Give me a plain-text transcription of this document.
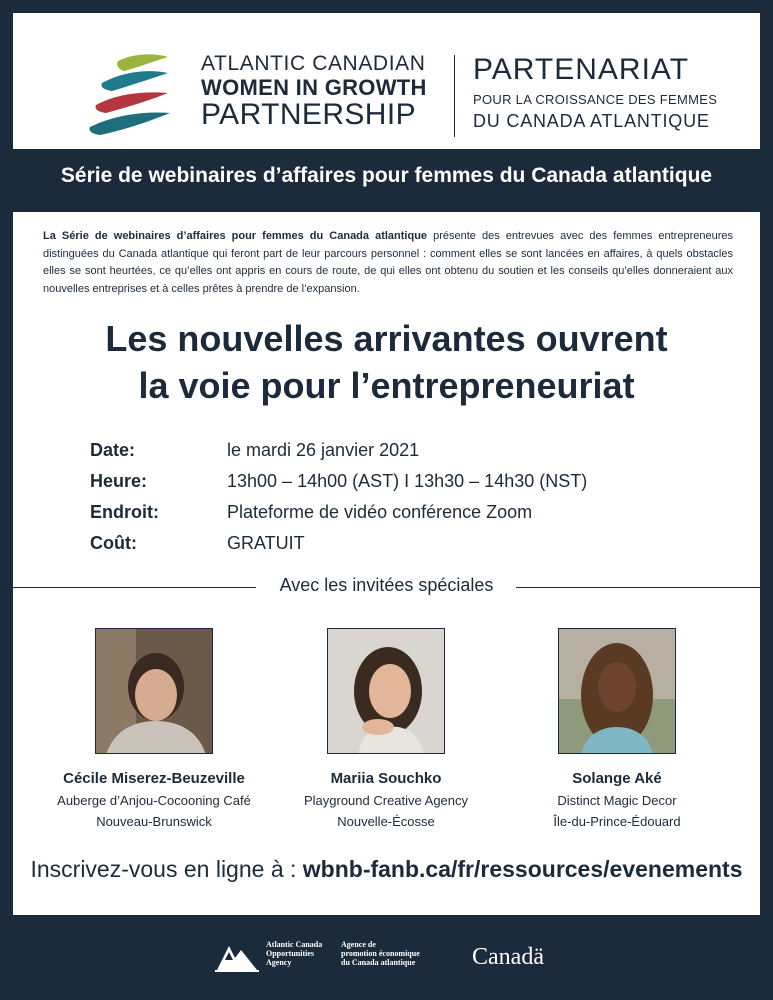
ATLANTIC CANADIAN
WOMEN IN GROWTH
PARTNERSHIP
PARTENARIAT
POUR LA CROISSANCE DES FEMMES
DU CANADA ATLANTIQUE
Série de webinaires d’affaires pour femmes du Canada atlantique

La Série de webinaires d’affaires pour femmes du Canada atlantique présente des entrevues avec des femmes entrepreneures distinguées du Canada atlantique qui feront part de leur parcours personnel : comment elles se sont lancées en affaires, à quels obstacles elles se sont heurtées, ce qu’elles ont appris en cours de route, de qui elles ont obtenu du soutien et les conseils qu’elles donneraient aux nouvelles entreprises et à celles prêtes à prendre de l’expansion.

Les nouvelles arrivantes ouvrent
la voie pour l’entrepreneuriat
Date:	le mardi 26 janvier 2021
Heure:	13h00 – 14h00 (AST) I 13h30 – 14h30 (NST)
Endroit:	Plateforme de vidéo conférence Zoom
Coût:	GRATUIT
Avec les invitées spéciales
Cécile Miserez-Beuzeville
Auberge d’Anjou-Cocooning Café
Nouveau-Brunswick
Mariia Souchko
Playground Creative Agency
Nouvelle-Écosse
Solange Aké
Distinct Magic Decor
Île-du-Prince-Édouard
Inscrivez-vous en ligne à : wbnb-fanb.ca/fr/ressources/evenements
Atlantic Canada
Opportunities
Agency
Agence de
promotion économique
du Canada atlantique Canadä
